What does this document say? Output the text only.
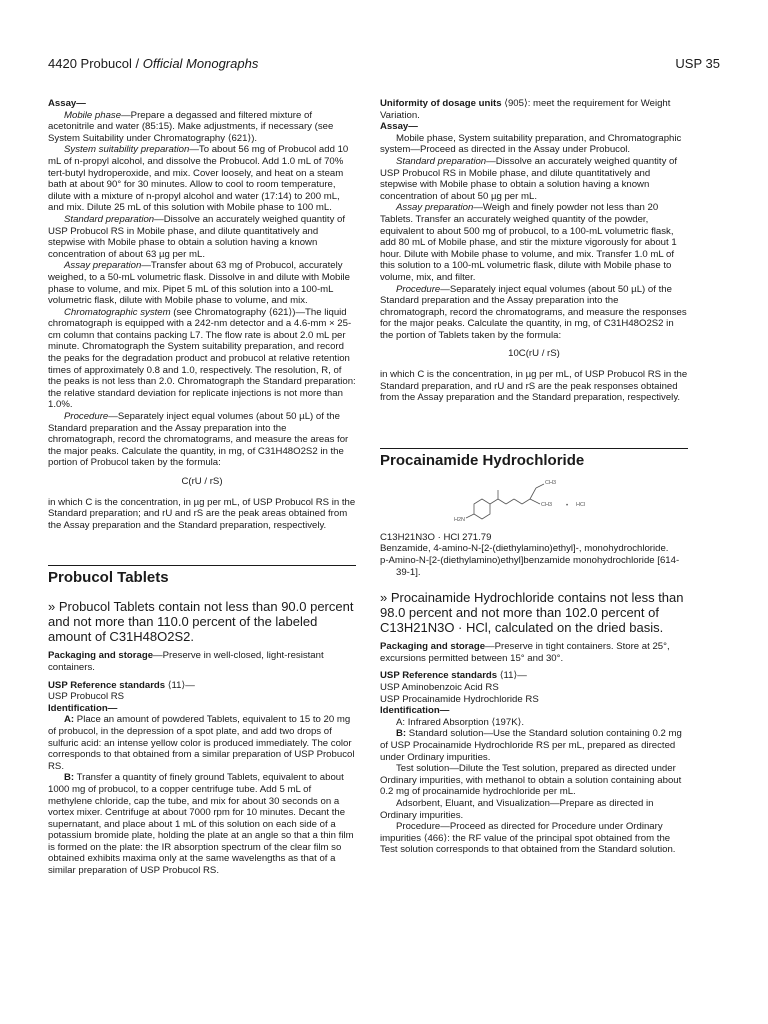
4420 Probucol / Official Monographs	USP 35

Assay—

Mobile phase—Prepare a degassed and filtered mixture of acetonitrile and water (85:15). Make adjustments, if necessary (see System Suitability under Chromatography ⟨621⟩).

System suitability preparation—To about 56 mg of Probucol add 10 mL of n-propyl alcohol, and dissolve the Probucol. Add 1.0 mL of 70% tert-butyl hydroperoxide, and mix. Cover loosely, and heat on a steam bath at about 90° for 30 minutes. Allow to cool to room temperature, dilute with a mixture of n-propyl alcohol and water (17:14) to 200 mL, and mix. Dilute 25 mL of this solution with Mobile phase to 100 mL.

Standard preparation—Dissolve an accurately weighed quantity of USP Probucol RS in Mobile phase, and dilute quantitatively and stepwise with Mobile phase to obtain a solution having a known concentration of about 63 µg per mL.

Assay preparation—Transfer about 63 mg of Probucol, accurately weighed, to a 50-mL volumetric flask. Dissolve in and dilute with Mobile phase to volume, and mix. Pipet 5 mL of this solution into a 100-mL volumetric flask, dilute with Mobile phase to volume, and mix.

Chromatographic system (see Chromatography ⟨621⟩)—The liquid chromatograph is equipped with a 242-nm detector and a 4.6-mm × 25-cm column that contains packing L7. The flow rate is about 2.0 mL per minute. Chromatograph the System suitability preparation, and record the peaks for the degradation product and probucol at relative retention times of approximately 0.8 and 1.0, respectively. The resolution, R, of the peaks is not less than 2.0. Chromatograph the Standard preparation: the relative standard deviation for replicate injections is not more than 1.0%.

Procedure—Separately inject equal volumes (about 50 µL) of the Standard preparation and the Assay preparation into the chromatograph, record the chromatograms, and measure the areas for the major peaks. Calculate the quantity, in mg, of C31H48O2S2 in the portion of Probucol taken by the formula:

C(rU / rS)

in which C is the concentration, in µg per mL, of USP Probucol RS in the Standard preparation; and rU and rS are the peak areas obtained from the Assay preparation and the Standard preparation, respectively.

Probucol Tablets

» Probucol Tablets contain not less than 90.0 percent and not more than 110.0 percent of the labeled amount of C31H48O2S2.

Packaging and storage—Preserve in well-closed, light-resistant containers.

USP Reference standards ⟨11⟩—

USP Probucol RS

Identification—

A: Place an amount of powdered Tablets, equivalent to 15 to 20 mg of probucol, in the depression of a spot plate, and add two drops of sulfuric acid: an intense yellow color is produced immediately. The color corresponds to that obtained from a similar preparation of USP Probucol RS.

B: Transfer a quantity of finely ground Tablets, equivalent to about 1000 mg of probucol, to a copper centrifuge tube. Add 5 mL of methylene chloride, cap the tube, and mix for about 30 seconds on a vortex mixer. Centrifuge at about 7000 rpm for 10 minutes. Decant the supernatant, and place about 1 mL of this solution on each side of a potassium bromide plate, holding the plate at an angle so that a thin film is formed on the plate: the IR absorption spectrum of the clear film so obtained exhibits maxima only at the same wavelengths as that of a similar preparation of USP Probucol RS.

Uniformity of dosage units ⟨905⟩: meet the requirement for Weight Variation.

Assay—

Mobile phase, System suitability preparation, and Chromatographic system—Proceed as directed in the Assay under Probucol.

Standard preparation—Dissolve an accurately weighed quantity of USP Probucol RS in Mobile phase, and dilute quantitatively and stepwise with Mobile phase to obtain a solution having a known concentration of about 50 µg per mL.

Assay preparation—Weigh and finely powder not less than 20 Tablets. Transfer an accurately weighed quantity of the powder, equivalent to about 500 mg of probucol, to a 100-mL volumetric flask, add 80 mL of Mobile phase, and stir the mixture vigorously for about 1 hour. Dilute with Mobile phase to volume, and mix. Transfer 1.0 mL of this solution to a 100-mL volumetric flask, dilute with Mobile phase to volume, mix, and filter.

Procedure—Separately inject equal volumes (about 50 µL) of the Standard preparation and the Assay preparation into the chromatograph, record the chromatograms, and measure the responses for the major peaks. Calculate the quantity, in mg, of C31H48O2S2 in the portion of Tablets taken by the formula:

10C(rU / rS)

in which C is the concentration, in µg per mL, of USP Probucol RS in the Standard preparation, and rU and rS are the peak responses obtained from the Assay preparation and the Standard preparation, respectively.

Procainamide Hydrochloride
H2N
CH3
CH3 • HCl

C13H21N3O · HCl 271.79

Benzamide, 4-amino-N-[2-(diethylamino)ethyl]-, monohydrochloride.

p-Amino-N-[2-(diethylamino)ethyl]benzamide monohydrochloride [614-39-1].

» Procainamide Hydrochloride contains not less than 98.0 percent and not more than 102.0 percent of C13H21N3O · HCl, calculated on the dried basis.

Packaging and storage—Preserve in tight containers. Store at 25°, excursions permitted between 15° and 30°.

USP Reference standards ⟨11⟩—

USP Aminobenzoic Acid RS

USP Procainamide Hydrochloride RS

Identification—

A: Infrared Absorption ⟨197K⟩.

B: Standard solution—Use the Standard solution containing 0.2 mg of USP Procainamide Hydrochloride RS per mL, prepared as directed under Ordinary impurities.

Test solution—Dilute the Test solution, prepared as directed under Ordinary impurities, with methanol to obtain a solution containing about 0.2 mg of procainamide hydrochloride per mL.

Adsorbent, Eluant, and Visualization—Prepare as directed in Ordinary impurities.

Procedure—Proceed as directed for Procedure under Ordinary impurities ⟨466⟩: the RF value of the principal spot obtained from the Test solution corresponds to that obtained from the Standard solution.
